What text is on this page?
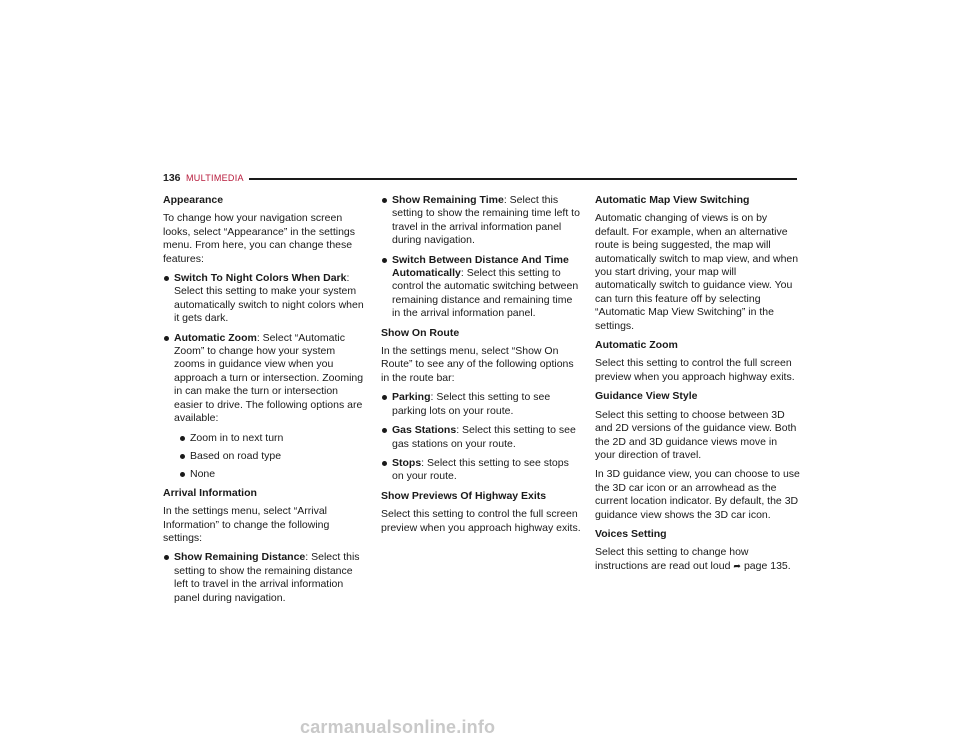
136 MULTIMEDIA
Appearance

To change how your navigation screen looks, select “Appearance” in the settings menu. From here, you can change these features:

Switch To Night Colors When Dark: Select this setting to make your system automatically switch to night colors when it gets dark.
Automatic Zoom: Select “Automatic Zoom” to change how your system zooms in guidance view when you approach a turn or intersection. Zooming in can make the turn or intersection easier to drive. The following options are available:
Zoom in to next turn
Based on road type
None
Arrival Information

In the settings menu, select “Arrival Information” to change the following settings:

Show Remaining Distance: Select this setting to show the remaining distance left to travel in the arrival information panel during navigation.
Show Remaining Time: Select this setting to show the remaining time left to travel in the arrival information panel during navigation.
Switch Between Distance And Time Automatically: Select this setting to control the automatic switching between remaining distance and remaining time in the arrival information panel.
Show On Route

In the settings menu, select “Show On Route” to see any of the following options in the route bar:

Parking: Select this setting to see parking lots on your route.
Gas Stations: Select this setting to see gas stations on your route.
Stops: Select this setting to see stops on your route.
Show Previews Of Highway Exits

Select this setting to control the full screen preview when you approach highway exits.

Automatic Map View Switching

Automatic changing of views is on by default. For example, when an alternative route is being suggested, the map will automatically switch to map view, and when you start driving, your map will automatically switch to guidance view. You can turn this feature off by selecting “Automatic Map View Switching” in the settings.

Automatic Zoom

Select this setting to control the full screen preview when you approach highway exits.

Guidance View Style

Select this setting to choose between 3D and 2D versions of the guidance view. Both the 2D and 3D guidance views move in your direction of travel.

In 3D guidance view, you can choose to use the 3D car icon or an arrowhead as the current location indicator. By default, the 3D guidance view shows the 3D car icon.

Voices Setting

Select this setting to change how instructions are read out loud ➦ page 135.

carmanualsonline.info
